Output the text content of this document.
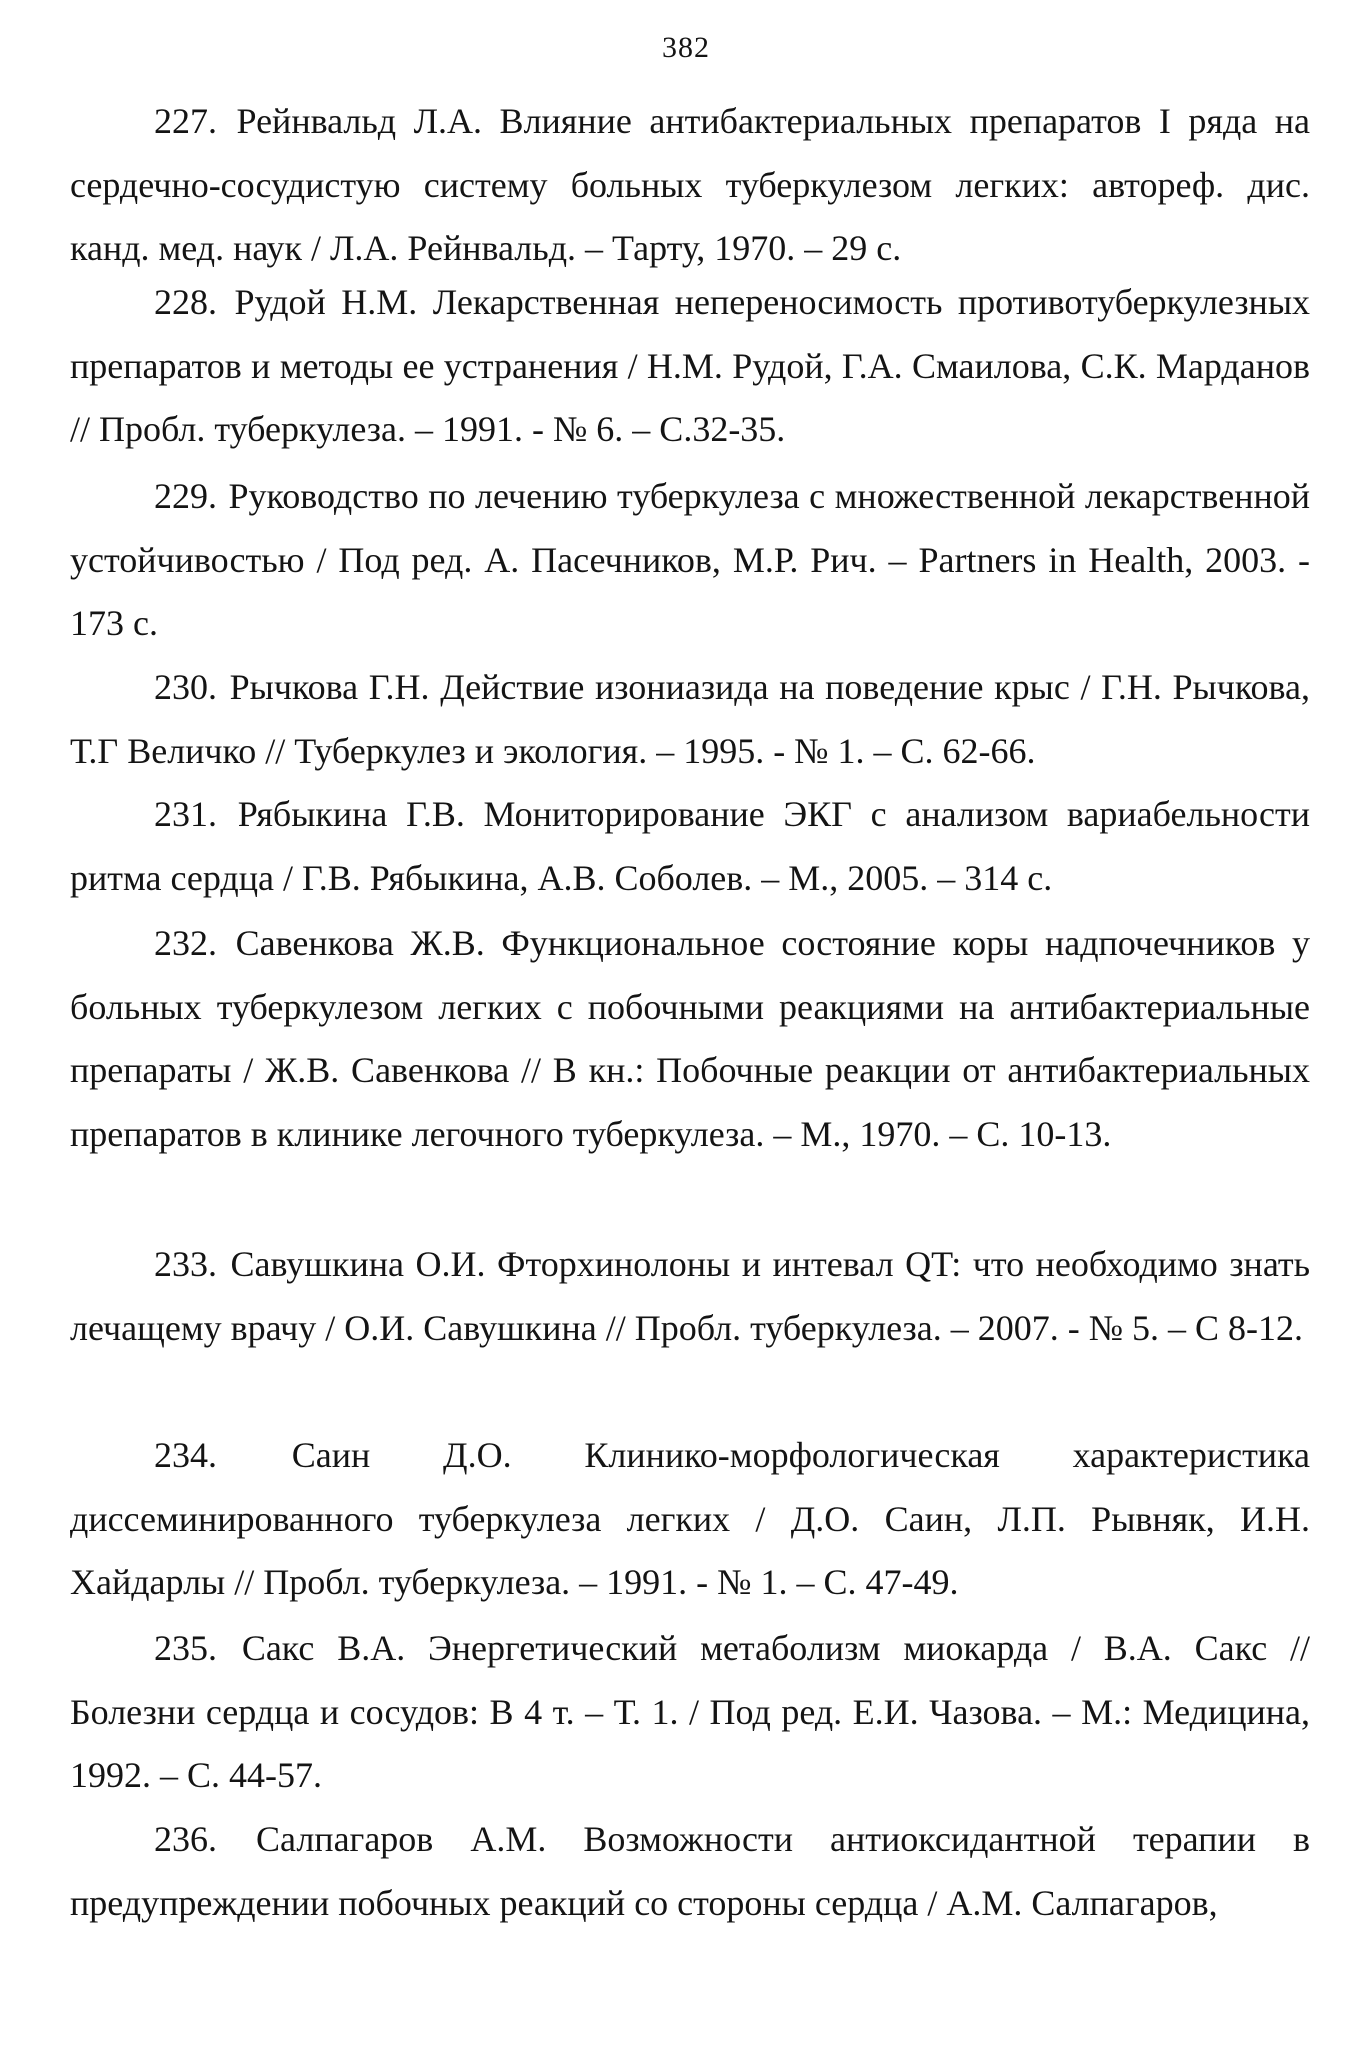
382

227. Рейнвальд Л.А. Влияние антибактериальных препаратов I ряда на сердечно-сосудистую систему больных туберкулезом легких: автореф. дис. канд. мед. наук / Л.А. Рейнвальд. – Тарту, 1970. – 29 с.

228. Рудой Н.М. Лекарственная непереносимость противотуберкулезных препаратов и методы ее устранения / Н.М. Рудой, Г.А. Смаилова, С.К. Марданов // Пробл. туберкулеза. – 1991. - № 6. – С.32-35.

229. Руководство по лечению туберкулеза с множественной лекарственной устойчивостью / Под ред. А. Пасечников, М.Р. Рич. – Partners in Health, 2003. - 173 с.

230. Рычкова Г.Н. Действие изониазида на поведение крыс / Г.Н. Рычкова, Т.Г Величко // Туберкулез и экология. – 1995. - № 1. – С. 62-66.

231. Рябыкина Г.В. Мониторирование ЭКГ с анализом вариабельности ритма сердца / Г.В. Рябыкина, А.В. Соболев. – М., 2005. – 314 с.

232. Савенкова Ж.В. Функциональное состояние коры надпочечников у больных туберкулезом легких с побочными реакциями на антибактериальные препараты / Ж.В. Савенкова // В кн.: Побочные реакции от антибактериальных препаратов в клинике легочного туберкулеза. – М., 1970. – С. 10-13.

233. Савушкина О.И. Фторхинолоны и интевал QT: что необходимо знать лечащему врачу / О.И. Савушкина // Пробл. туберкулеза. – 2007. - № 5. – С 8-12.

234. Саин Д.О. Клинико-морфологическая характеристика диссеминированного туберкулеза легких / Д.О. Саин, Л.П. Рывняк, И.Н. Хайдарлы // Пробл. туберкулеза. – 1991. - № 1. – С. 47-49.

235. Сакс В.А. Энергетический метаболизм миокарда / В.А. Сакс // Болезни сердца и сосудов: В 4 т. – Т. 1. / Под ред. Е.И. Чазова. – М.: Медицина, 1992. – С. 44-57.

236. Салпагаров А.М. Возможности антиоксидантной терапии в предупреждении побочных реакций со стороны сердца / А.М. Салпагаров,
